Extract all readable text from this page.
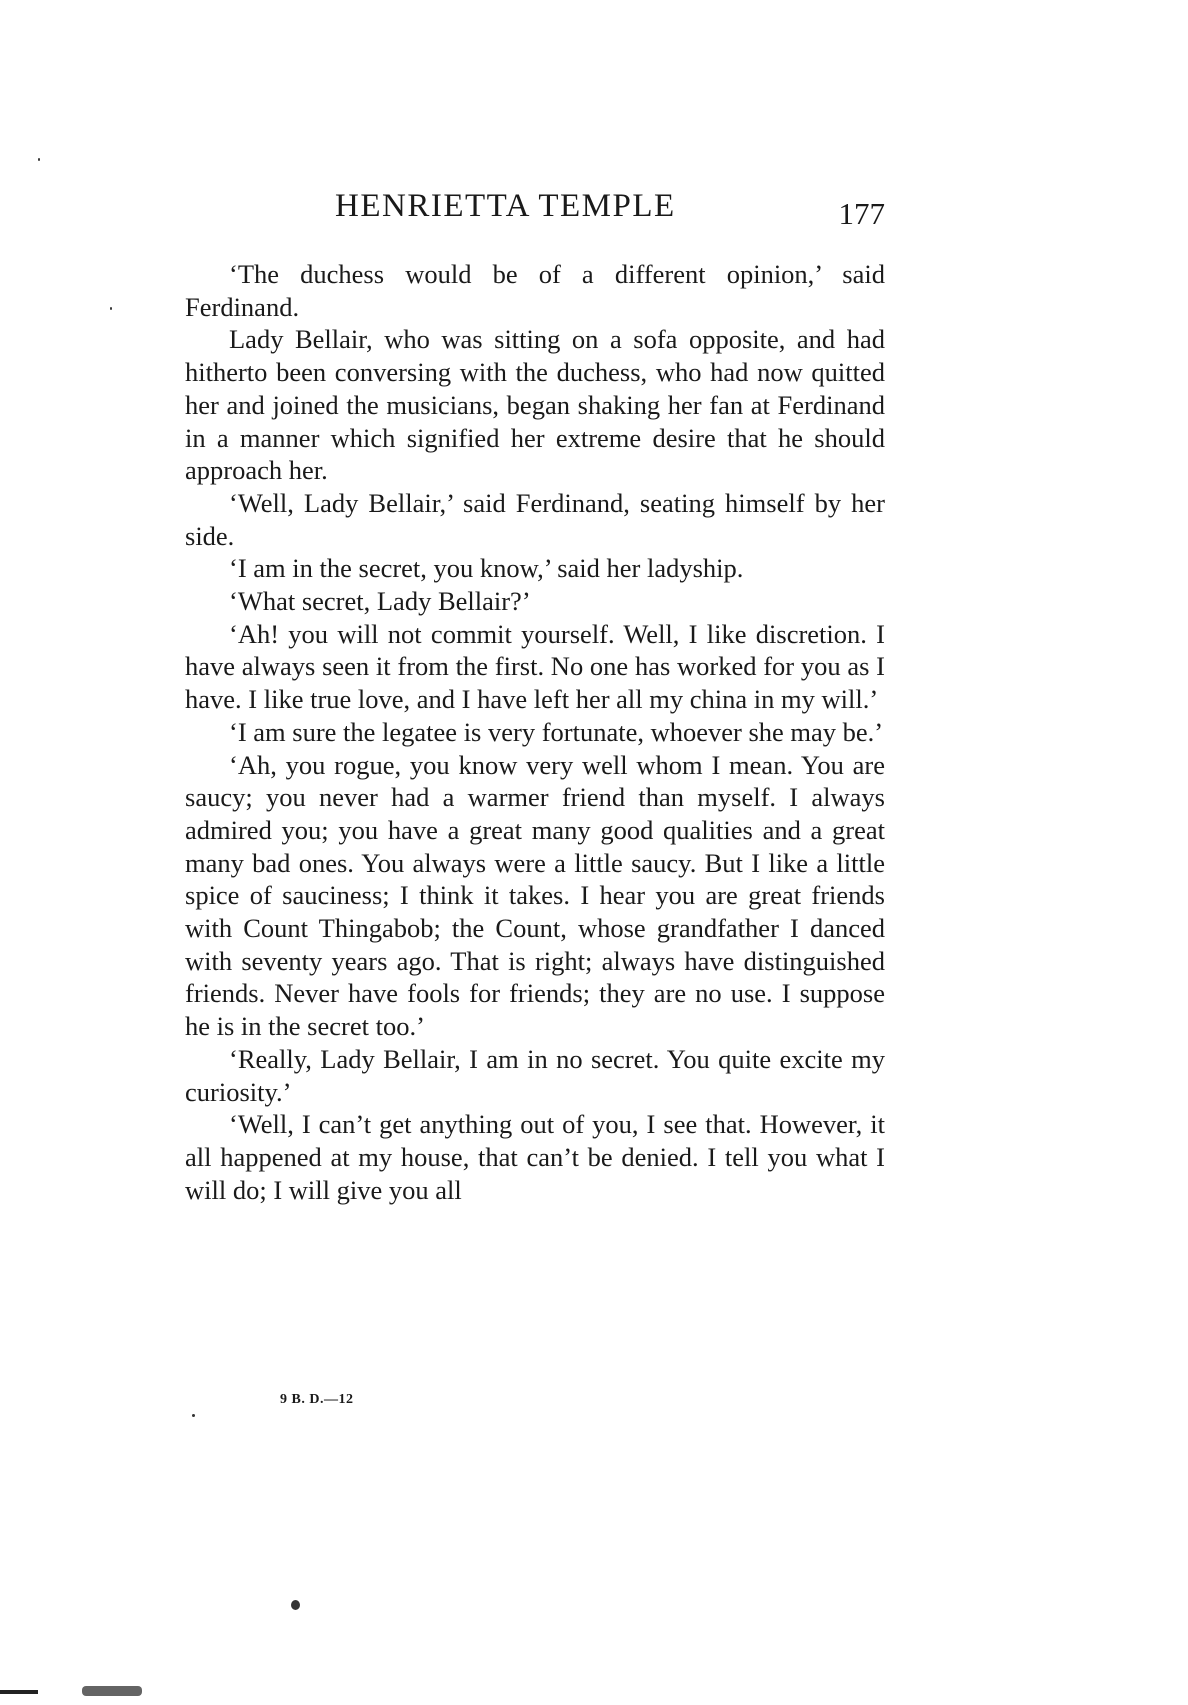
HENRIETTA TEMPLE	177

‘The duchess would be of a different opinion,’ said Ferdinand.

Lady Bellair, who was sitting on a sofa opposite, and had hitherto been conversing with the duchess, who had now quitted her and joined the musicians, began shaking her fan at Ferdinand in a manner which signified her extreme desire that he should approach her.

‘Well, Lady Bellair,’ said Ferdinand, seating himself by her side.

‘I am in the secret, you know,’ said her ladyship.

‘What secret, Lady Bellair?’

‘Ah! you will not commit yourself. Well, I like discretion. I have always seen it from the first. No one has worked for you as I have. I like true love, and I have left her all my china in my will.’

‘I am sure the legatee is very fortunate, whoever she may be.’

‘Ah, you rogue, you know very well whom I mean. You are saucy; you never had a warmer friend than myself. I always admired you; you have a great many good qualities and a great many bad ones. You always were a little saucy. But I like a little spice of sauciness; I think it takes. I hear you are great friends with Count Thingabob; the Count, whose grandfather I danced with seventy years ago. That is right; always have distinguished friends. Never have fools for friends; they are no use. I suppose he is in the secret too.’

‘Really, Lady Bellair, I am in no secret. You quite excite my curiosity.’

‘Well, I can’t get anything out of you, I see that. However, it all happened at my house, that can’t be denied. I tell you what I will do; I will give you all

9 B. D.—12
